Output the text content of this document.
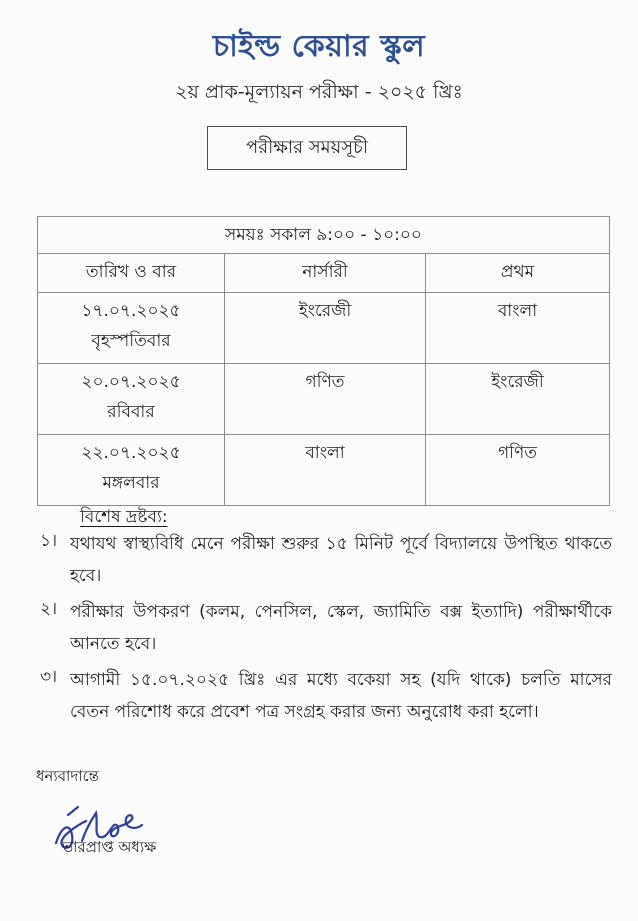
চাইল্ড কেয়ার স্কুল
২য় প্রাক-মূল্যায়ন পরীক্ষা - ২০২৫ খ্রিঃ
পরীক্ষার সময়সূচী
সময়ঃ সকাল ৯:০০ - ১০:০০		
তারিখ ও বার	নার্সারী	প্রথম

১৭.০৭.২০২৫
বৃহস্পতিবার	ইংরেজী	বাংলা

২০.০৭.২০২৫
রবিবার	গণিত	ইংরেজী

২২.০৭.২০২৫
মঙ্গলবার	বাংলা	গণিত
বিশেষ দ্রষ্টব্য:
১। যথাযথ স্বাস্থ্যবিধি মেনে পরীক্ষা শুরুর ১৫ মিনিট পূর্বে বিদ্যালয়ে উপস্থিত থাকতে হবে।
২। পরীক্ষার উপকরণ (কলম, পেনসিল, স্কেল, জ্যামিতি বক্স ইত্যাদি) পরীক্ষার্থীকে আনতে হবে।
৩। আগামী ১৫.০৭.২০২৫ খ্রিঃ এর মধ্যে বকেয়া সহ (যদি থাকে) চলতি মাসের বেতন পরিশোধ করে প্রবেশ পত্র সংগ্রহ করার জন্য অনুরোধ করা হলো।
ধন্যবাদান্তে
ভারপ্রাপ্ত অধ্যক্ষ
